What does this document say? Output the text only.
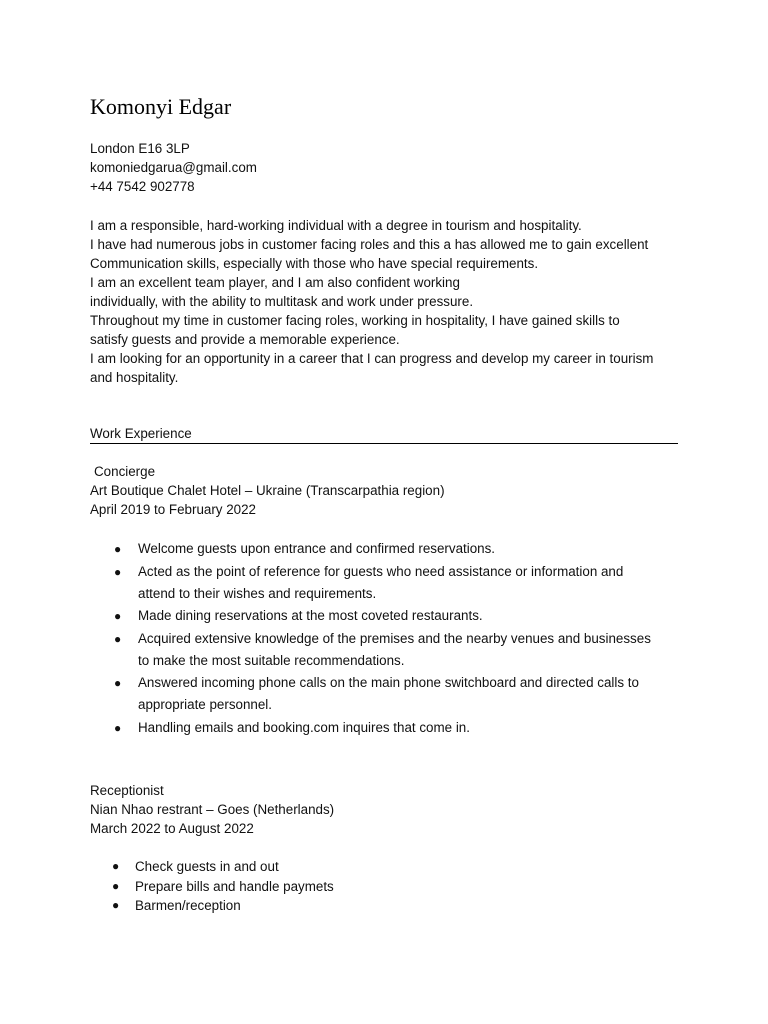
Komonyi Edgar
London E16 3LP
komoniedgarua@gmail.com
+44 7542 902778
I am a responsible, hard-working individual with a degree in tourism and hospitality.
I have had numerous jobs in customer facing roles and this a has allowed me to gain excellent
Communication skills, especially with those who have special requirements.
I am an excellent team player, and I am also confident working
individually, with the ability to multitask and work under pressure.
Throughout my time in customer facing roles, working in hospitality, I have gained skills to
satisfy guests and provide a memorable experience.
I am looking for an opportunity in a career that I can progress and develop my career in tourism
and hospitality.
Work Experience
Concierge
Art Boutique Chalet Hotel – Ukraine (Transcarpathia region)
April 2019 to February 2022
● Welcome guests upon entrance and confirmed reservations.
● Acted as the point of reference for guests who need assistance or information and
attend to their wishes and requirements.
● Made dining reservations at the most coveted restaurants.
● Acquired extensive knowledge of the premises and the nearby venues and businesses
to make the most suitable recommendations.
● Answered incoming phone calls on the main phone switchboard and directed calls to
appropriate personnel.
● Handling emails and booking.com inquires that come in.
Receptionist
Nian Nhao restrant – Goes (Netherlands)
March 2022 to August 2022
● Check guests in and out
● Prepare bills and handle paymets
● Barmen/reception
